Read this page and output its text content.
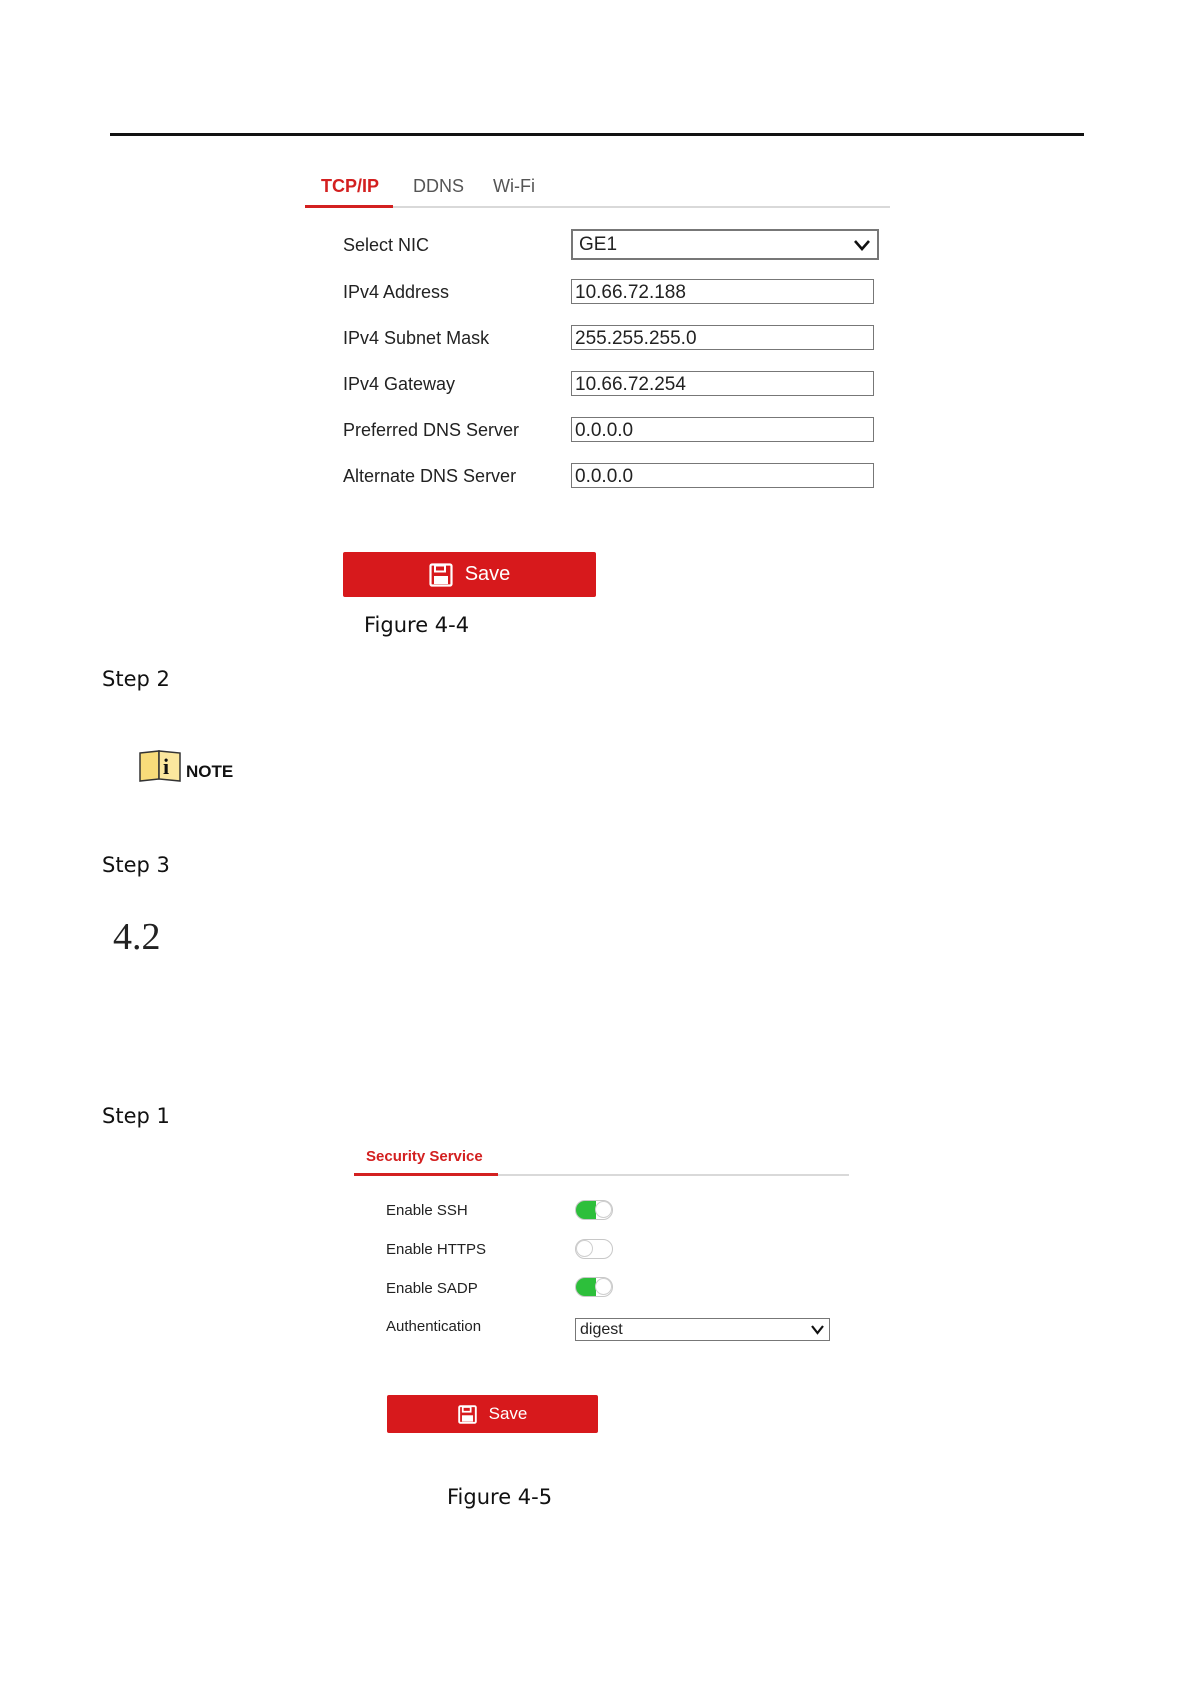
TCP/IP DDNS Wi-Fi
Select NIC	GE1
IPv4 Address	10.66.72.188
IPv4 Subnet Mask	255.255.255.0
IPv4 Gateway	10.66.72.254
Preferred DNS Server	0.0.0.0
Alternate DNS Server	0.0.0.0
Save
Figure 4-4
Step 2
i NOTE
Step 3
4.2
Step 1
Security Service
Enable SSH
Enable HTTPS
Enable SADP
Authentication	digest
Save
Figure 4-5
